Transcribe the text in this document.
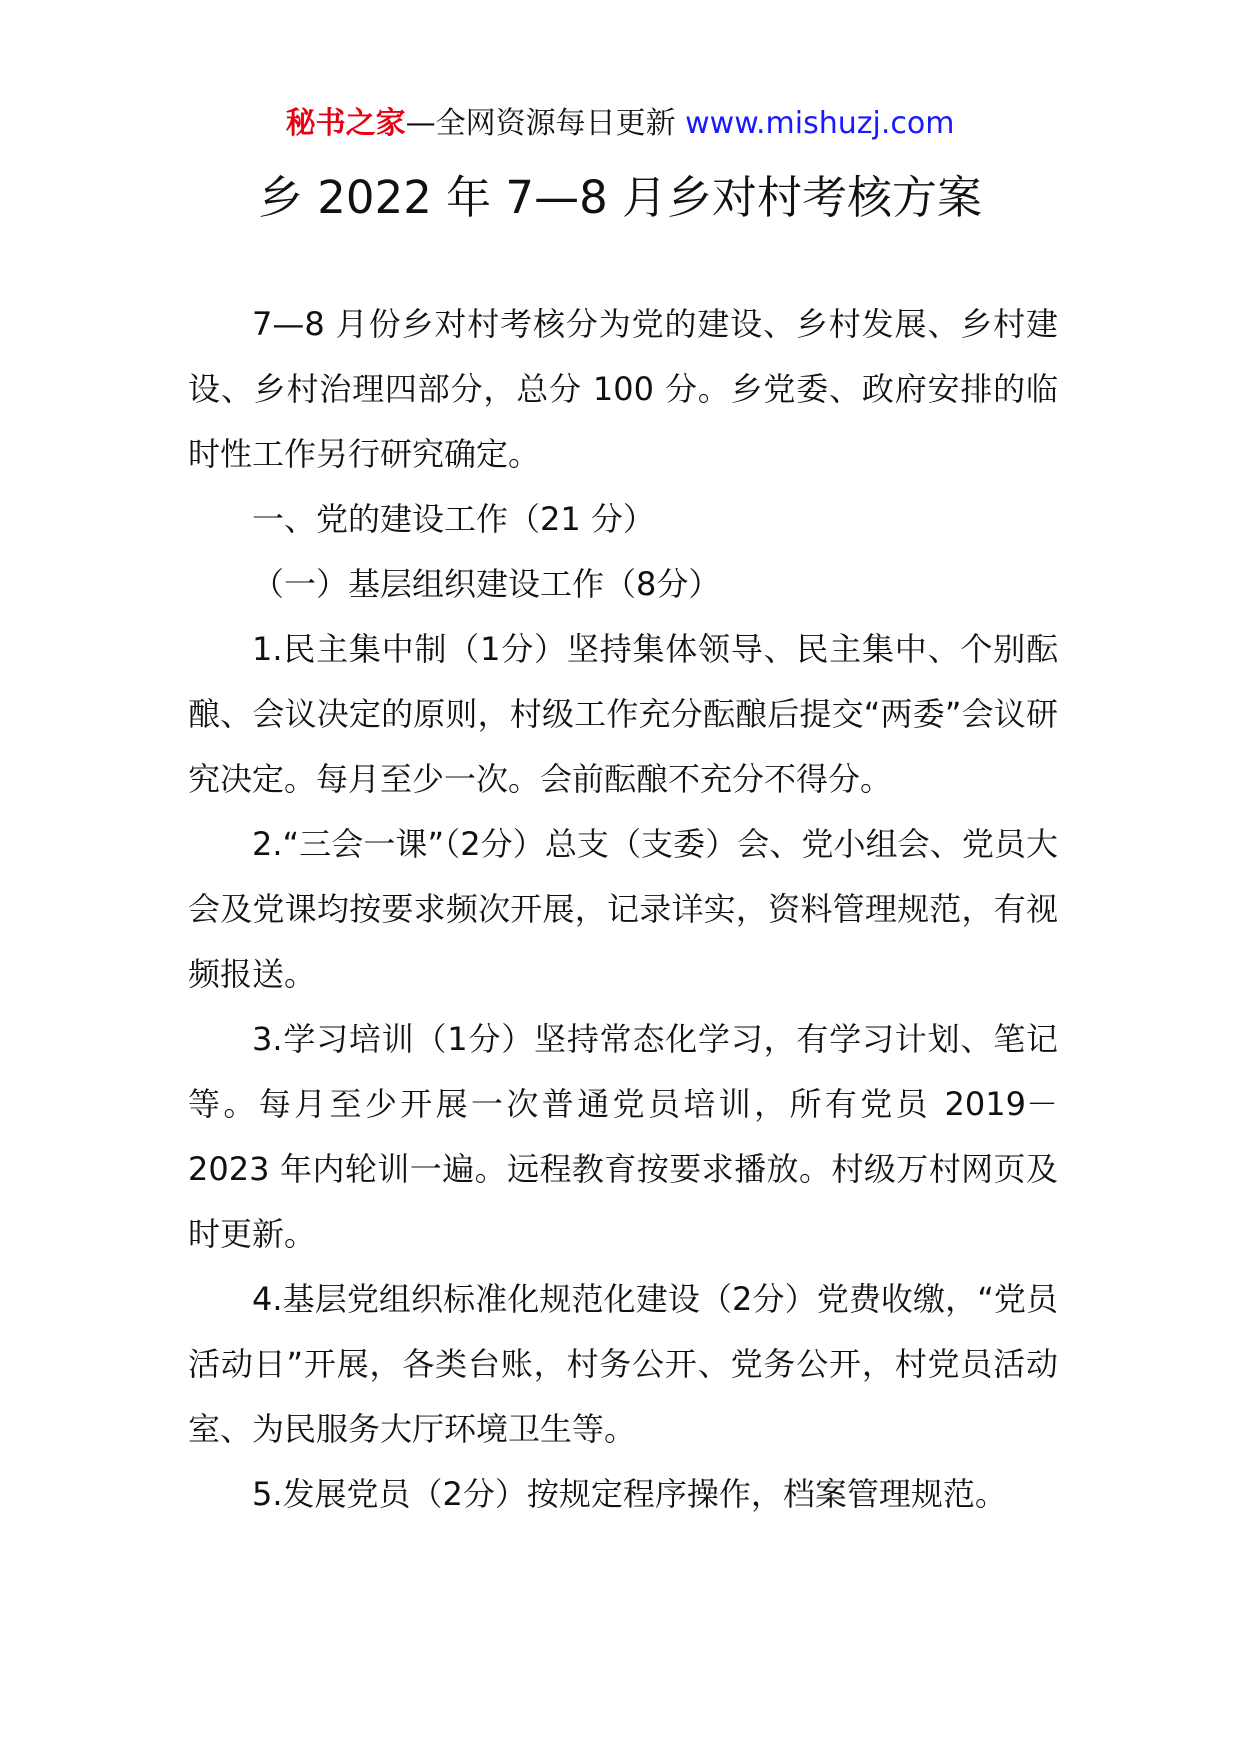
秘书之家—全网资源每日更新 www.mishuzj.com
乡 2022 年 7—8 月乡对村考核方案

7—8 月份乡对村考核分为党的建设、乡村发展、乡村建设、乡村治理四部分，总分 100 分。乡党委、政府安排的临时性工作另行研究确定。

一、党的建设工作（21 分）

（一）基层组织建设工作（8分）

1.民主集中制（1分）坚持集体领导、民主集中、个别酝酿、会议决定的原则，村级工作充分酝酿后提交“两委”会议研究决定。每月至少一次。会前酝酿不充分不得分。

2.“三会一课”（2分）总支（支委）会、党小组会、党员大会及党课均按要求频次开展，记录详实，资料管理规范，有视频报送。

3.学习培训（1分）坚持常态化学习，有学习计划、笔记等。每月至少开展一次普通党员培训，所有党员 2019－2023 年内轮训一遍。远程教育按要求播放。村级万村网页及时更新。

4.基层党组织标准化规范化建设（2分）党费收缴，“党员活动日”开展，各类台账，村务公开、党务公开，村党员活动室、为民服务大厅环境卫生等。

5.发展党员（2分）按规定程序操作，档案管理规范。
